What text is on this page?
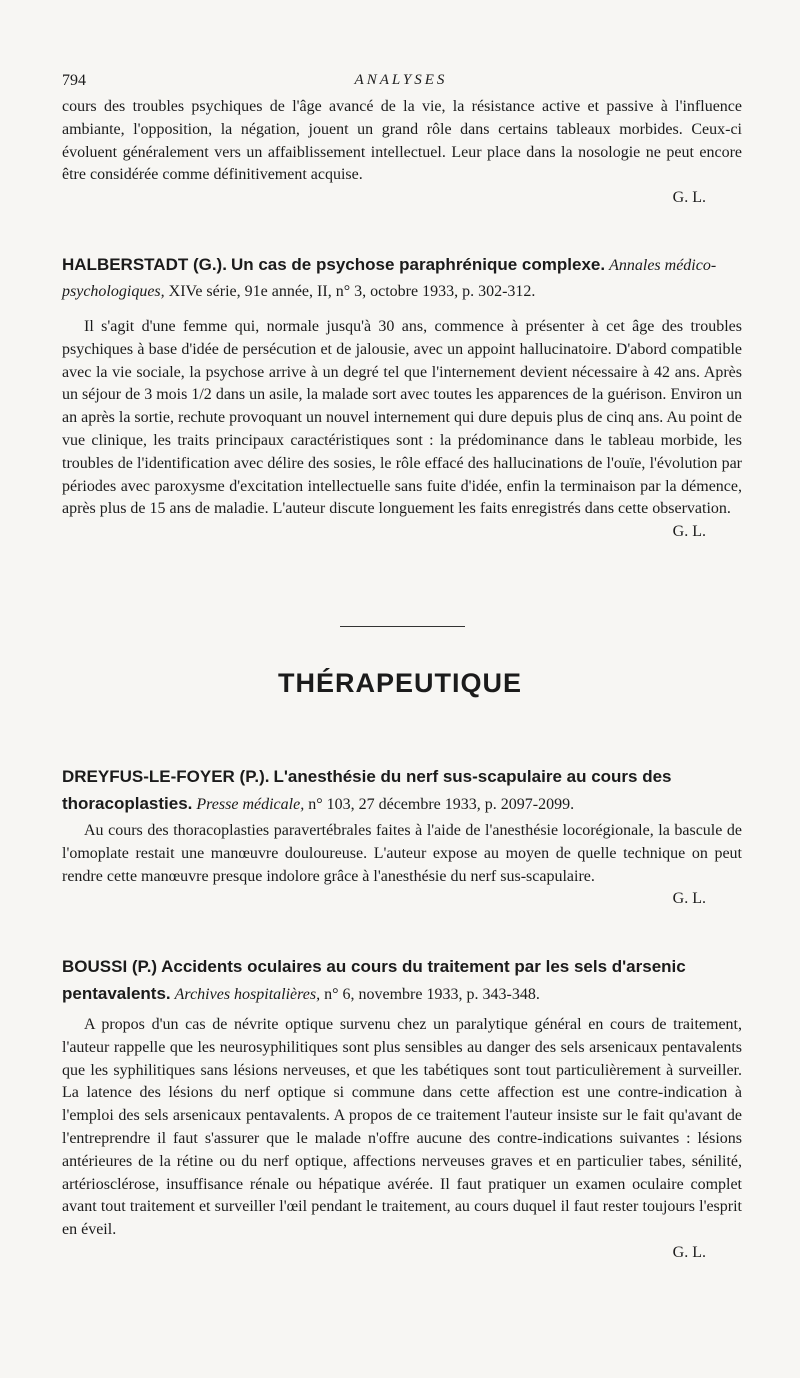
794	ANALYSES

cours des troubles psychiques de l'âge avancé de la vie, la résistance active et passive à l'influence ambiante, l'opposition, la négation, jouent un grand rôle dans certains tableaux morbides. Ceux-ci évoluent généralement vers un affaiblissement intellectuel. Leur place dans la nosologie ne peut encore être considérée comme définitivement acquise.
G. L.

HALBERSTADT (G.). Un cas de psychose paraphrénique complexe. Annales médico-psychologiques, XIVe série, 91e année, II, n° 3, octobre 1933, p. 302-312.

Il s'agit d'une femme qui, normale jusqu'à 30 ans, commence à présenter à cet âge des troubles psychiques à base d'idée de persécution et de jalousie, avec un appoint hallucinatoire. D'abord compatible avec la vie sociale, la psychose arrive à un degré tel que l'internement devient nécessaire à 42 ans. Après un séjour de 3 mois 1/2 dans un asile, la malade sort avec toutes les apparences de la guérison. Environ un an après la sortie, rechute provoquant un nouvel internement qui dure depuis plus de cinq ans. Au point de vue clinique, les traits principaux caractéristiques sont : la prédominance dans le tableau morbide, les troubles de l'identification avec délire des sosies, le rôle effacé des hallucinations de l'ouïe, l'évolution par périodes avec paroxysme d'excitation intellectuelle sans fuite d'idée, enfin la terminaison par la démence, après plus de 15 ans de maladie. L'auteur discute longuement les faits enregistrés dans cette observation.
G. L.

THÉRAPEUTIQUE

DREYFUS-LE-FOYER (P.). L'anesthésie du nerf sus-scapulaire au cours des thoracoplasties. Presse médicale, n° 103, 27 décembre 1933, p. 2097-2099.

Au cours des thoracoplasties paravertébrales faites à l'aide de l'anesthésie locorégionale, la bascule de l'omoplate restait une manœuvre douloureuse. L'auteur expose au moyen de quelle technique on peut rendre cette manœuvre presque indolore grâce à l'anesthésie du nerf sus-scapulaire.
G. L.

BOUSSI (P.) Accidents oculaires au cours du traitement par les sels d'arsenic pentavalents. Archives hospitalières, n° 6, novembre 1933, p. 343-348.

A propos d'un cas de névrite optique survenu chez un paralytique général en cours de traitement, l'auteur rappelle que les neurosyphilitiques sont plus sensibles au danger des sels arsenicaux pentavalents que les syphilitiques sans lésions nerveuses, et que les tabétiques sont tout particulièrement à surveiller. La latence des lésions du nerf optique si commune dans cette affection est une contre-indication à l'emploi des sels arsenicaux pentavalents. A propos de ce traitement l'auteur insiste sur le fait qu'avant de l'entreprendre il faut s'assurer que le malade n'offre aucune des contre-indications suivantes : lésions antérieures de la rétine ou du nerf optique, affections nerveuses graves et en particulier tabes, sénilité, artériosclérose, insuffisance rénale ou hépatique avérée. Il faut pratiquer un examen oculaire complet avant tout traitement et surveiller l'œil pendant le traitement, au cours duquel il faut rester toujours l'esprit en éveil.
G. L.
